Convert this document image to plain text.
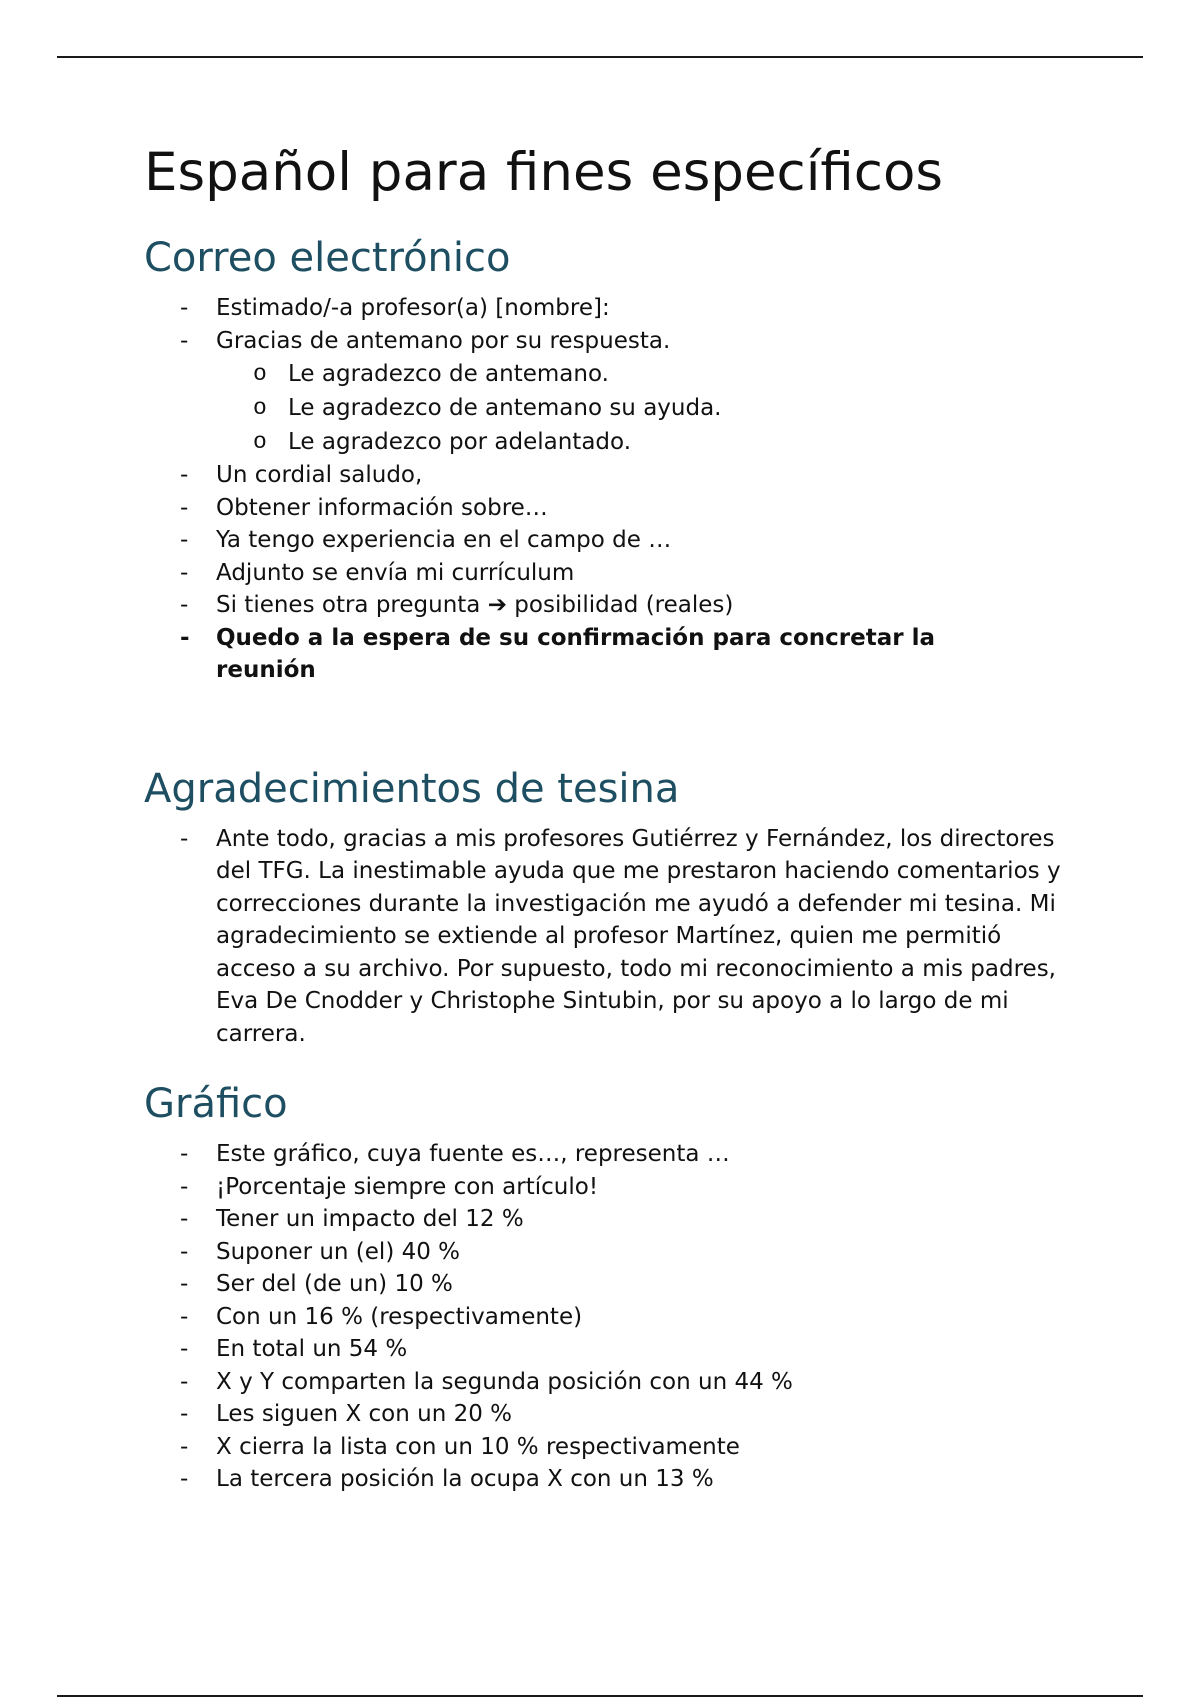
Español para fines específicos
Correo electrónico
- Estimado/-a profesor(a) [nombre]:
- Gracias de antemano por su respuesta.
o Le agradezco de antemano.
o Le agradezco de antemano su ayuda.
o Le agradezco por adelantado.
- Un cordial saludo,
- Obtener información sobre…
- Ya tengo experiencia en el campo de …
- Adjunto se envía mi currículum
- Si tienes otra pregunta ➔ posibilidad (reales)
- Quedo a la espera de su confirmación para concretar la reunión
Agradecimientos de tesina
- Ante todo, gracias a mis profesores Gutiérrez y Fernández, los directores del TFG. La inestimable ayuda que me prestaron haciendo comentarios y correcciones durante la investigación me ayudó a defender mi tesina. Mi agradecimiento se extiende al profesor Martínez, quien me permitió acceso a su archivo. Por supuesto, todo mi reconocimiento a mis padres, Eva De Cnodder y Christophe Sintubin, por su apoyo a lo largo de mi carrera.
Gráfico
- Este gráfico, cuya fuente es…, representa …
- ¡Porcentaje siempre con artículo!
- Tener un impacto del 12 %
- Suponer un (el) 40 %
- Ser del (de un) 10 %
- Con un 16 % (respectivamente)
- En total un 54 %
- X y Y comparten la segunda posición con un 44 %
- Les siguen X con un 20 %
- X cierra la lista con un 10 % respectivamente
- La tercera posición la ocupa X con un 13 %
